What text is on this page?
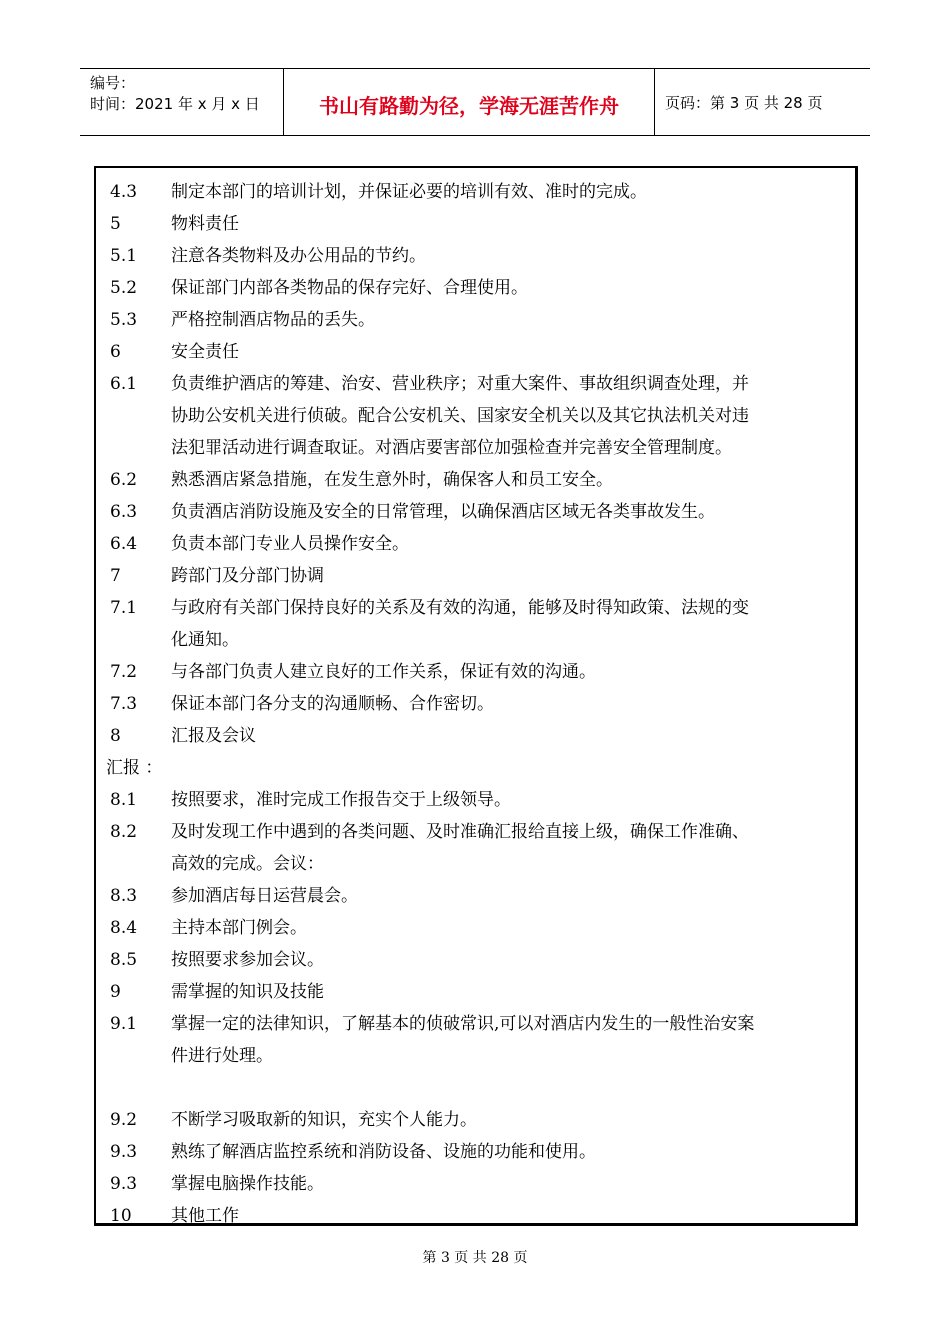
编号：
时间：2021 年 x 月 x 日	书山有路勤为径，学海无涯苦作舟	页码：第 3 页 共 28 页
4.3	制定本部门的培训计划，并保证必要的培训有效、准时的完成。
5	物料责任
5.1	注意各类物料及办公用品的节约。
5.2	保证部门内部各类物品的保存完好、合理使用。
5.3	严格控制酒店物品的丢失。
6	安全责任
6.1	负责维护酒店的筹建、治安、营业秩序；对重大案件、事故组织调查处理，并
协助公安机关进行侦破。配合公安机关、国家安全机关以及其它执法机关对违
法犯罪活动进行调查取证。对酒店要害部位加强检查并完善安全管理制度。
6.2	熟悉酒店紧急措施，在发生意外时，确保客人和员工安全。
6.3	负责酒店消防设施及安全的日常管理，以确保酒店区域无各类事故发生。
6.4	负责本部门专业人员操作安全。
7	跨部门及分部门协调
7.1	与政府有关部门保持良好的关系及有效的沟通，能够及时得知政策、法规的变
化通知。
7.2	与各部门负责人建立良好的工作关系，保证有效的沟通。
7.3	保证本部门各分支的沟通顺畅、合作密切。
8	汇报及会议
汇报 ：
8.1	按照要求，准时完成工作报告交于上级领导。
8.2	及时发现工作中遇到的各类问题、及时准确汇报给直接上级，确保工作准确、
高效的完成。会议：
8.3	参加酒店每日运营晨会。
8.4	主持本部门例会。
8.5	按照要求参加会议。
9	需掌握的知识及技能
9.1	掌握一定的法律知识，了解基本的侦破常识,可以对酒店内发生的一般性治安案
件进行处理。
9.2	不断学习吸取新的知识，充实个人能力。
9.3	熟练了解酒店监控系统和消防设备、设施的功能和使用。
9.3	掌握电脑操作技能。
10	其他工作
第 3 页 共 28 页
